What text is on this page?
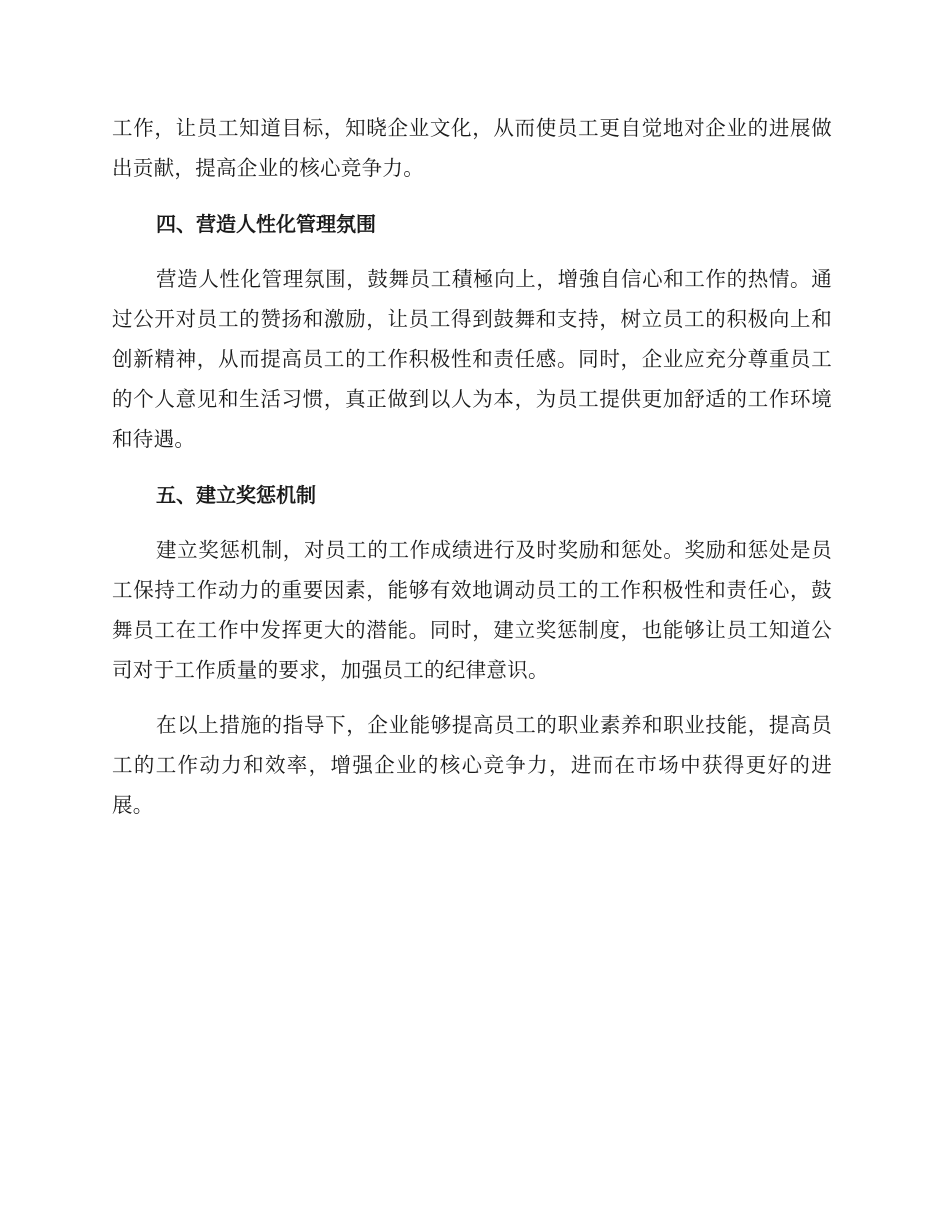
工作，让员工知道目标，知晓企业文化，从而使员工更自觉地对企业的进展做出贡献，提高企业的核心竞争力。

四、营造人性化管理氛围

营造人性化管理氛围，鼓舞员工積極向上，增強自信心和工作的热情。通过公开对员工的赞扬和激励，让员工得到鼓舞和支持，树立员工的积极向上和创新精神，从而提高员工的工作积极性和责任感。同时，企业应充分尊重员工的个人意见和生活习惯，真正做到以人为本，为员工提供更加舒适的工作环境和待遇。

五、建立奖惩机制

建立奖惩机制，对员工的工作成绩进行及时奖励和惩处。奖励和惩处是员工保持工作动力的重要因素，能够有效地调动员工的工作积极性和责任心，鼓舞员工在工作中发挥更大的潜能。同时，建立奖惩制度，也能够让员工知道公司对于工作质量的要求，加强员工的纪律意识。

在以上措施的指导下，企业能够提高员工的职业素养和职业技能，提高员工的工作动力和效率，增强企业的核心竞争力，进而在市场中获得更好的进展。
